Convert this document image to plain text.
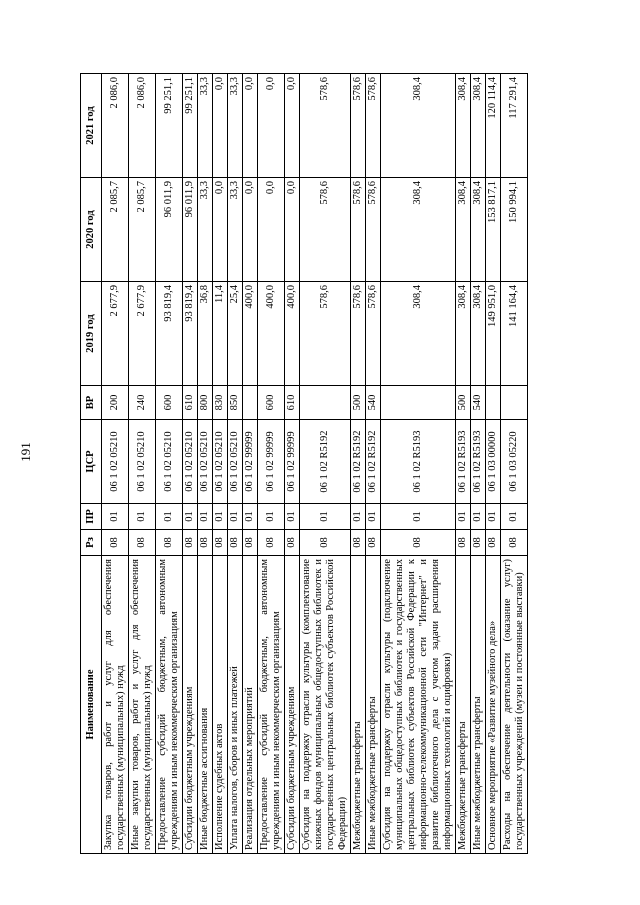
191
Наименование	Рз	ПР	ЦСР	ВР	2019 год	2020 год	2021 год
Закупка товаров, работ и услуг для обеспечения государственных (муниципальных) нужд	08	01	06 1 02 05210	200	2 677,9	2 085,7	2 086,0
Иные закупки товаров, работ и услуг для обеспечения государственных (муниципальных) нужд	08	01	06 1 02 05210	240	2 677,9	2 085,7	2 086,0
Предоставление субсидий бюджетным, автономным учреждениям и иным некоммерческим организациям	08	01	06 1 02 05210	600	93 819,4	96 011,9	99 251,1
Субсидии бюджетным учреждениям	08	01	06 1 02 05210	610	93 819,4	96 011,9	99 251,1
Иные бюджетные ассигнования	08	01	06 1 02 05210	800	36,8	33,3	33,3
Исполнение судебных актов	08	01	06 1 02 05210	830	11,4	0,0	0,0
Уплата налогов, сборов и иных платежей	08	01	06 1 02 05210	850	25,4	33,3	33,3
Реализация отдельных мероприятий	08	01	06 1 02 99999		400,0	0,0	0,0
Предоставление субсидий бюджетным, автономным учреждениям и иным некоммерческим организациям	08	01	06 1 02 99999	600	400,0	0,0	0,0
Субсидии бюджетным учреждениям	08	01	06 1 02 99999	610	400,0	0,0	0,0
Субсидия на поддержку отрасли культуры (комплектование книжных фондов муниципальных общедоступных библиотек и государственных центральных библиотек субъектов Российской Федерации)	08	01	06 1 02 R5192		578,6	578,6	578,6
Межбюджетные трансферты	08	01	06 1 02 R5192	500	578,6	578,6	578,6
Иные межбюджетные трансферты	08	01	06 1 02 R5192	540	578,6	578,6	578,6
Субсидия на поддержку отрасли культуры (подключение муниципальных общедоступных библиотек и государственных центральных библиотек субъектов Российской Федерации к информационно-телекоммуникационной сети "Интернет" и развитие библиотечного дела с учетом задачи расширения информационных технологий и оцифровки)	08	01	06 1 02 R5193		308,4	308,4	308,4
Межбюджетные трансферты	08	01	06 1 02 R5193	500	308,4	308,4	308,4
Иные межбюджетные трансферты	08	01	06 1 02 R5193	540	308,4	308,4	308,4
Основное мероприятие «Развитие музейного дела»	08	01	06 1 03 00000		149 951,0	153 817,1	120 114,4
Расходы на обеспечение деятельности (оказание услуг) государственных учреждений (музеи и постоянные выставки)	08	01	06 1 03 05220		141 164,4	150 994,1	117 291,4
